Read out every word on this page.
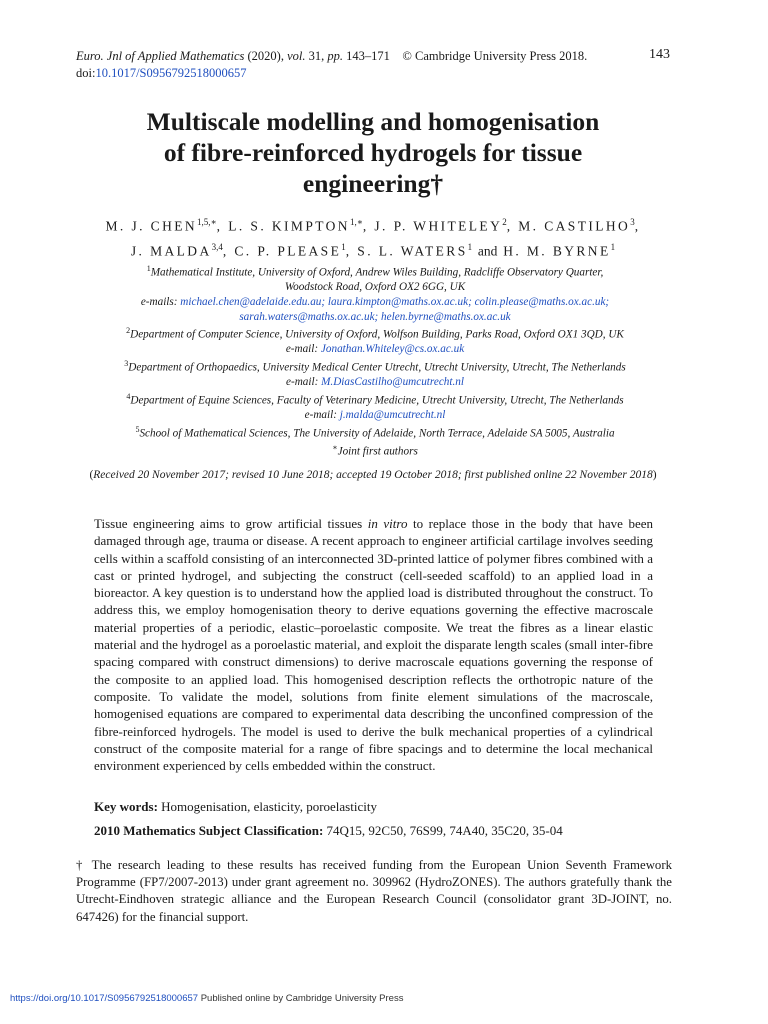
Euro. Jnl of Applied Mathematics (2020), vol. 31, pp. 143–171 © Cambridge University Press 2018.
doi:10.1017/S0956792518000657
143
Multiscale modelling and homogenisation
of fibre-reinforced hydrogels for tissue
engineering†
M. J. $CHEN^{1,5,∗}$, L. S. $KIMPTON^{1,∗}$, J. P. WHITELEY$^2$, M. CASTILHO$^3$,
J. MALDA$^{3,4}$, C. P. PLEASE$^1$, S. L. WATERS$^1$ and H. M. BYRNE$^1$
$^1$Mathematical Institute, University of Oxford, Andrew Wiles Building, Radcliffe Observatory Quarter,
Woodstock Road, Oxford OX2 6GG, UK
e-mails: michael.chen@adelaide.edu.au; laura.kimpton@maths.ox.ac.uk; colin.please@maths.ox.ac.uk;
sarah.waters@maths.ox.ac.uk; helen.byrne@maths.ox.ac.uk
$^2$Department of Computer Science, University of Oxford, Wolfson Building, Parks Road, Oxford OX1 3QD, UK
e-mail: Jonathan.Whiteley@cs.ox.ac.uk
$^3$Department of Orthopaedics, University Medical Center Utrecht, Utrecht University, Utrecht, The Netherlands
e-mail: M.DiasCastilho@umcutrecht.nl
$^4$Department of Equine Sciences, Faculty of Veterinary Medicine, Utrecht University, Utrecht, The Netherlands
e-mail: j.malda@umcutrecht.nl
$^5$School of Mathematical Sciences, The University of Adelaide, North Terrace, Adelaide SA 5005, Australia
∗Joint first authors
(Received 20 November 2017; revised 10 June 2018; accepted 19 October 2018; first published online 22 November 2018)
Tissue engineering aims to grow artificial tissues in vitro to replace those in the body that have been damaged through age, trauma or disease. A recent approach to engineer artificial cartilage involves seeding cells within a scaffold consisting of an interconnected 3D-printed lattice of polymer fibres combined with a cast or printed hydrogel, and subjecting the construct (cell-seeded scaffold) to an applied load in a bioreactor. A key question is to understand how the applied load is distributed throughout the construct. To address this, we employ homogenisation theory to derive equations governing the effective macroscale material properties of a periodic, elastic–poroelastic composite. We treat the fibres as a linear elastic material and the hydrogel as a poroelastic material, and exploit the disparate length scales (small inter-fibre spacing compared with construct dimensions) to derive macroscale equations governing the response of the composite to an applied load. This homogenised description reflects the orthotropic nature of the composite. To validate the model, solutions from finite element simulations of the macroscale, homogenised equations are compared to experimental data describing the unconfined compression of the fibre-reinforced hydrogels. The model is used to derive the bulk mechanical properties of a cylindrical construct of the composite material for a range of fibre spacings and to determine the local mechanical environment experienced by cells embedded within the construct.
Key words: Homogenisation, elasticity, poroelasticity
2010 Mathematics Subject Classification: 74Q15, 92C50, 76S99, 74A40, 35C20, 35-04
† The research leading to these results has received funding from the European Union Seventh Framework Programme (FP7/2007-2013) under grant agreement no. 309962 (HydroZONES). The authors gratefully thank the Utrecht-Eindhoven strategic alliance and the European Research Council (consolidator grant 3D-JOINT, no. 647426) for the financial support.
https://doi.org/10.1017/S0956792518000657 Published online by Cambridge University Press
